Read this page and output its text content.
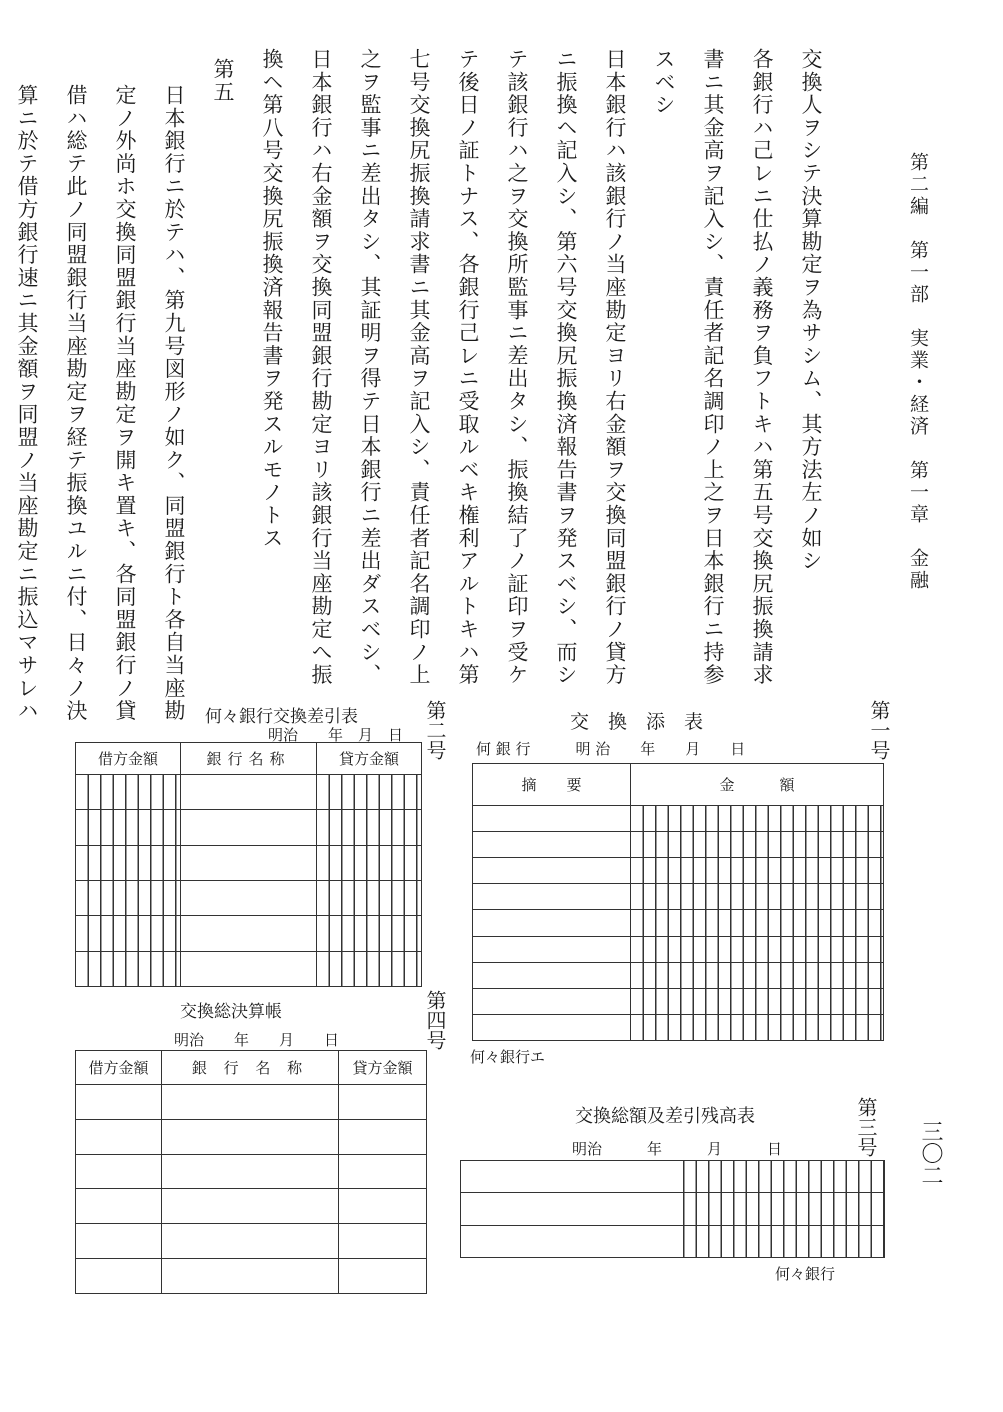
第二編　第一部　実業・経済　第一章　金融
交換人ヲシテ決算勘定ヲ為サシム、其方法左ノ如シ
各銀行ハ己レニ仕払ノ義務ヲ負フトキハ第五号交換尻振換請求
書ニ其金高ヲ記入シ、責任者記名調印ノ上之ヲ日本銀行ニ持参
スベシ
日本銀行ハ該銀行ノ当座勘定ヨリ右金額ヲ交換同盟銀行ノ貸方
ニ振換ヘ記入シ、第六号交換尻振換済報告書ヲ発スベシ、而シ
テ該銀行ハ之ヲ交換所監事ニ差出タシ、振換結了ノ証印ヲ受ケ
テ後日ノ証トナス、各銀行己レニ受取ルベキ権利アルトキハ第
七号交換尻振換請求書ニ其金高ヲ記入シ、責任者記名調印ノ上
之ヲ監事ニ差出タシ、其証明ヲ得テ日本銀行ニ差出ダスベシ、
日本銀行ハ右金額ヲ交換同盟銀行勘定ヨリ該銀行当座勘定へ振
換ヘ第八号交換尻振換済報告書ヲ発スルモノトス
第五
日本銀行ニ於テハ、第九号図形ノ如ク、同盟銀行ト各自当座勘
定ノ外尚ホ交換同盟銀行当座勘定ヲ開キ置キ、各同盟銀行ノ貸
借ハ総テ此ノ同盟銀行当座勘定ヲ経テ振換ユルニ付、日々ノ決
算ニ於テ借方銀行速ニ其金額ヲ同盟ノ当座勘定ニ振込マサレハ
三〇二
何々銀行交換差引表
明治　　年　月　日 第二号
借方金額	銀行名称	貸方金額

交　換　添　表	第一号
何 銀 行　　　明 治　　年　　月　　日
摘　　要	金　　　額

何々銀行エ
交換総決算帳	第四号
明治　　年　　月　　日
借方金額	銀 行 名 称	貸方金額

交換総額及差引残高表	第三号
明治　　　年　　　月　　　日

何々銀行
